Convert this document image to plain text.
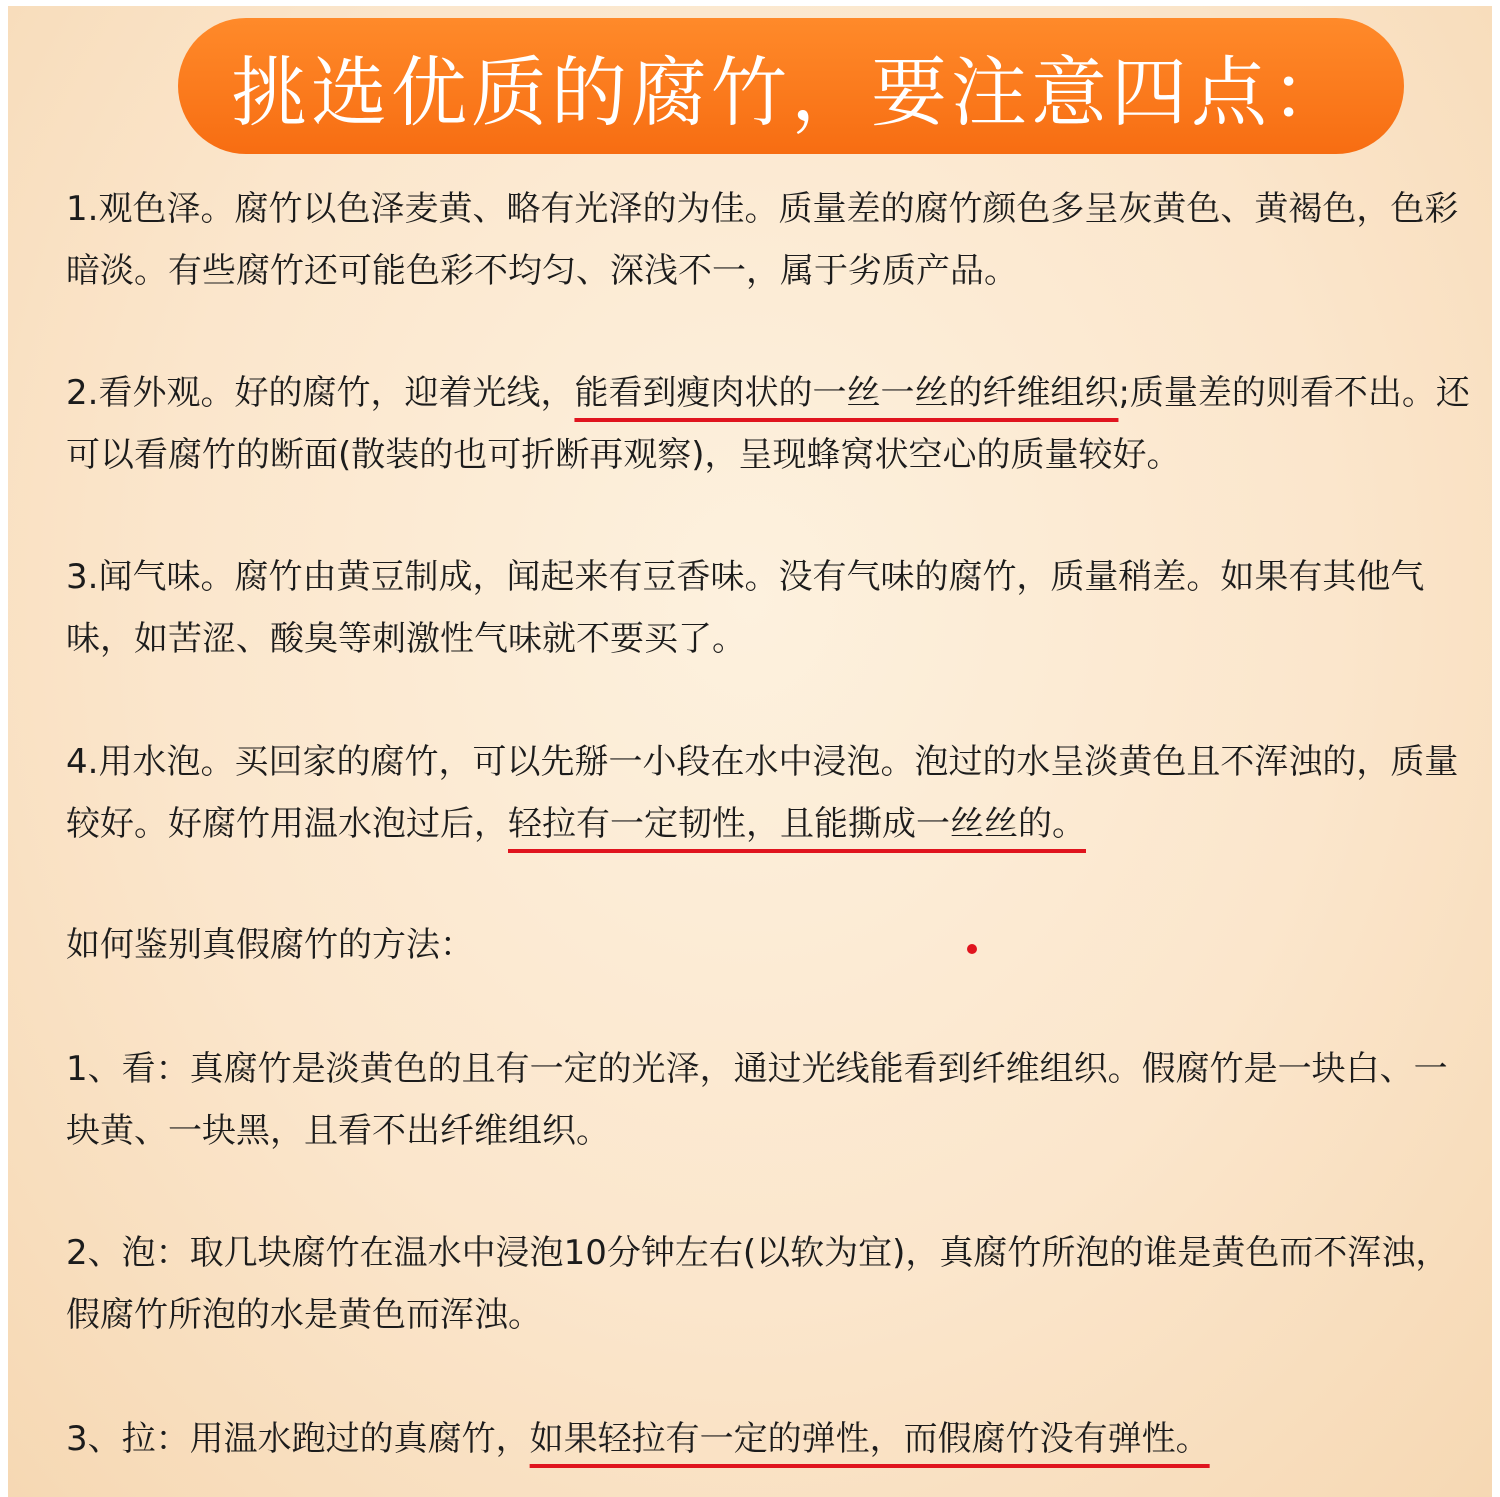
挑选优质的腐竹，要注意四点：

1.观色泽。腐竹以色泽麦黄、略有光泽的为佳。质量差的腐竹颜色多呈灰黄色、黄褐色，色彩暗淡。有些腐竹还可能色彩不均匀、深浅不一，属于劣质产品。

2.看外观。好的腐竹，迎着光线，能看到瘦肉状的一丝一丝的纤维组织;质量差的则看不出。还可以看腐竹的断面(散装的也可折断再观察)，呈现蜂窝状空心的质量较好。

3.闻气味。腐竹由黄豆制成，闻起来有豆香味。没有气味的腐竹，质量稍差。如果有其他气味，如苦涩、酸臭等刺激性气味就不要买了。

4.用水泡。买回家的腐竹，可以先掰一小段在水中浸泡。泡过的水呈淡黄色且不浑浊的，质量较好。好腐竹用温水泡过后，轻拉有一定韧性，且能撕成一丝丝的。

如何鉴别真假腐竹的方法：

1、看：真腐竹是淡黄色的且有一定的光泽，通过光线能看到纤维组织。假腐竹是一块白、一块黄、一块黑，且看不出纤维组织。

2、泡：取几块腐竹在温水中浸泡10分钟左右(以软为宜)，真腐竹所泡的谁是黄色而不浑浊，假腐竹所泡的水是黄色而浑浊。

3、拉：用温水跑过的真腐竹，如果轻拉有一定的弹性，而假腐竹没有弹性。
